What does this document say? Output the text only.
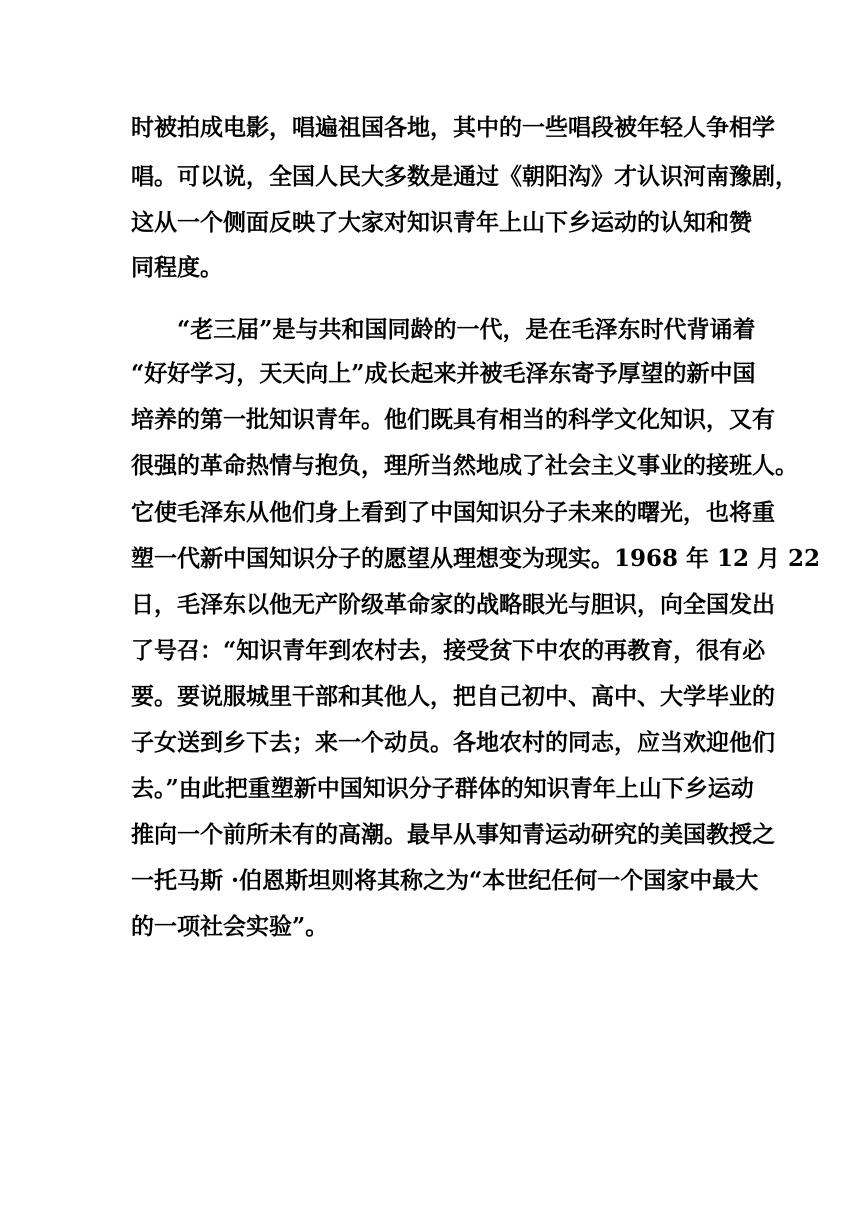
时被拍成电影，唱遍祖国各地，其中的一些唱段被年轻人争相学
唱。可以说，全国人民大多数是通过《朝阳沟》才认识河南豫剧，
这从一个侧面反映了大家对知识青年上山下乡运动的认知和赞
同程度。
　　“老三届”是与共和国同龄的一代，是在毛泽东时代背诵着
“好好学习，天天向上”成长起来并被毛泽东寄予厚望的新中国
培养的第一批知识青年。他们既具有相当的科学文化知识，又有
很强的革命热情与抱负，理所当然地成了社会主义事业的接班人。
它使毛泽东从他们身上看到了中国知识分子未来的曙光，也将重
塑一代新中国知识分子的愿望从理想变为现实。1968 年 12 月 22
日，毛泽东以他无产阶级革命家的战略眼光与胆识，向全国发出
了号召：“知识青年到农村去，接受贫下中农的再教育，很有必
要。要说服城里干部和其他人，把自己初中、高中、大学毕业的
子女送到乡下去；来一个动员。各地农村的同志，应当欢迎他们
去。”由此把重塑新中国知识分子群体的知识青年上山下乡运动
推向一个前所未有的高潮。最早从事知青运动研究的美国教授之
一托马斯 ·伯恩斯坦则将其称之为“本世纪任何一个国家中最大
的一项社会实验”。
